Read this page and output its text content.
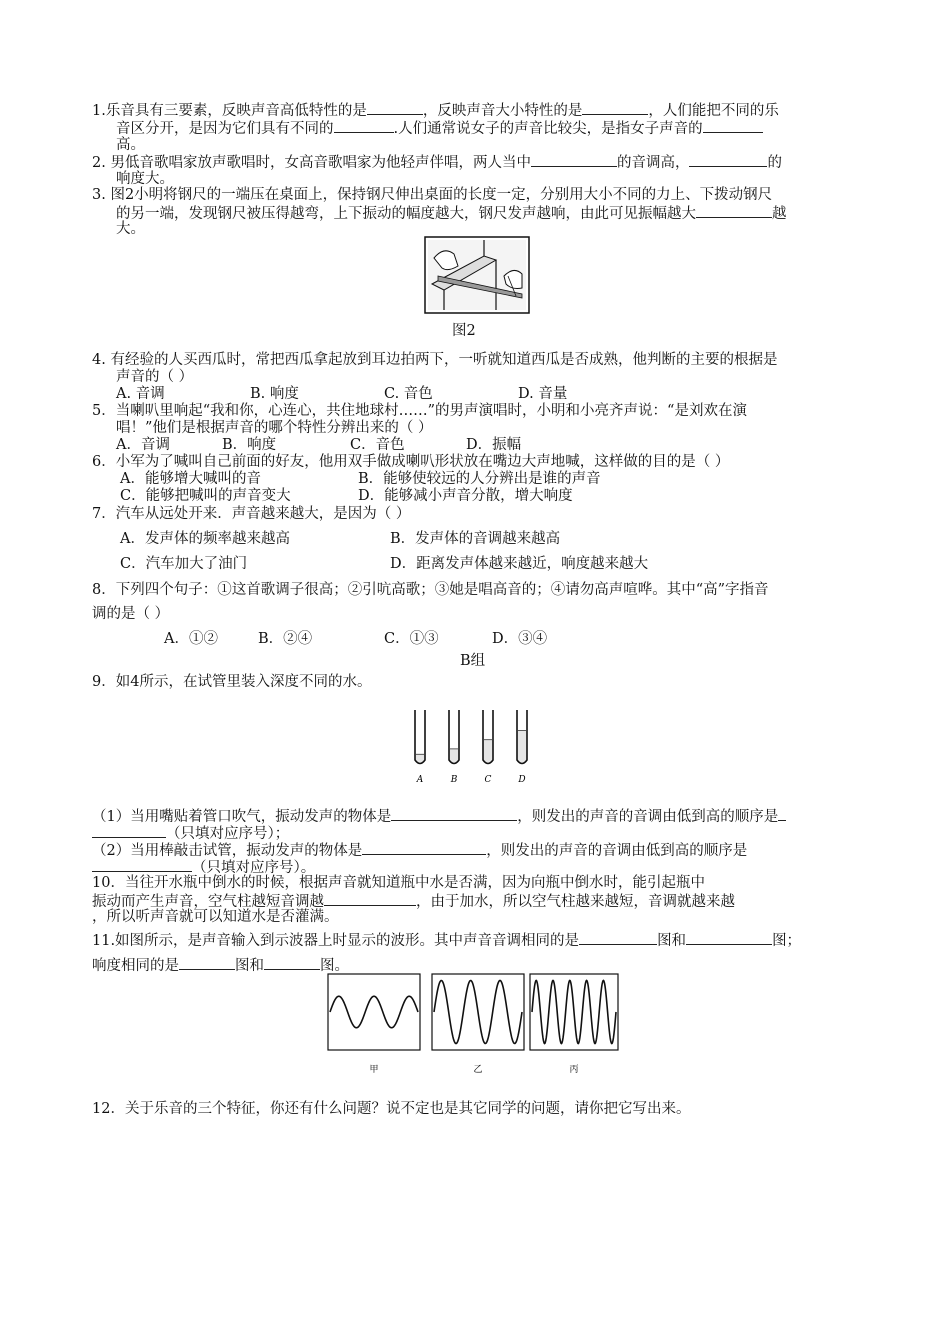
1.乐音具有三要素，反映声音高低特性的是	，反映声音大小特性的是	，人们能把不同的乐
音区分开，是因为它们具有不同的	.人们通常说女子的声音比较尖，是指女子声音的
高。
2. 男低音歌唱家放声歌唱时，女高音歌唱家为他轻声伴唱，两人当中	的音调高，	的
响度大。
3. 图2小明将钢尺的一端压在桌面上，保持钢尺伸出桌面的长度一定，分别用大小不同的力上、下拨动钢尺
的另一端，发现钢尺被压得越弯，上下振动的幅度越大，钢尺发声越响，由此可见振幅越大	越
大。
图2
4. 有经验的人买西瓜时，常把西瓜拿起放到耳边拍两下，一听就知道西瓜是否成熟，他判断的主要的根据是
声音的（ ）
A. 音调	B. 响度	C. 音色	D. 音量
5．当喇叭里响起“我和你，心连心，共住地球村……”的男声演唱时，小明和小亮齐声说：“是刘欢在演
唱！”他们是根据声音的哪个特性分辨出来的（ ）
A．音调	B．响度	C．音色	D．振幅
6．小军为了喊叫自己前面的好友，他用双手做成喇叭形状放在嘴边大声地喊，这样做的目的是（ ）
A．能够增大喊叫的音	B．能够使较远的人分辨出是谁的声音
C．能够把喊叫的声音变大	D．能够减小声音分散，增大响度
7．汽车从远处开来．声音越来越大，是因为（ ）
A．发声体的频率越来越高	B．发声体的音调越来越高
C．汽车加大了油门	D．距离发声体越来越近，响度越来越大
8．下列四个句子：①这首歌调子很高；②引吭高歌；③她是唱高音的；④请勿高声喧哗。其中“高”字指音
调的是（ ）
A．①②	B．②④	C．①③	D．③④
B组
9．如4所示，在试管里装入深度不同的水。
A	B	C	D
（1）当用嘴贴着管口吹气，振动发声的物体是	，则发出的声音的音调由低到高的顺序是
（只填对应序号）；
（2）当用棒敲击试管，振动发声的物体是	，则发出的声音的音调由低到高的顺序是
（只填对应序号）。
10．当往开水瓶中倒水的时候，根据声音就知道瓶中水是否满，因为向瓶中倒水时，能引起瓶中
振动而产生声音，空气柱越短音调越	，由于加水，所以空气柱越来越短，音调就越来越
，所以听声音就可以知道水是否灌满。
11.如图所示，是声音输入到示波器上时显示的波形。其中声音音调相同的是	图和	图；
响度相同的是	图和	图。
甲	乙	丙
12．关于乐音的三个特征，你还有什么问题？说不定也是其它同学的问题，请你把它写出来。
